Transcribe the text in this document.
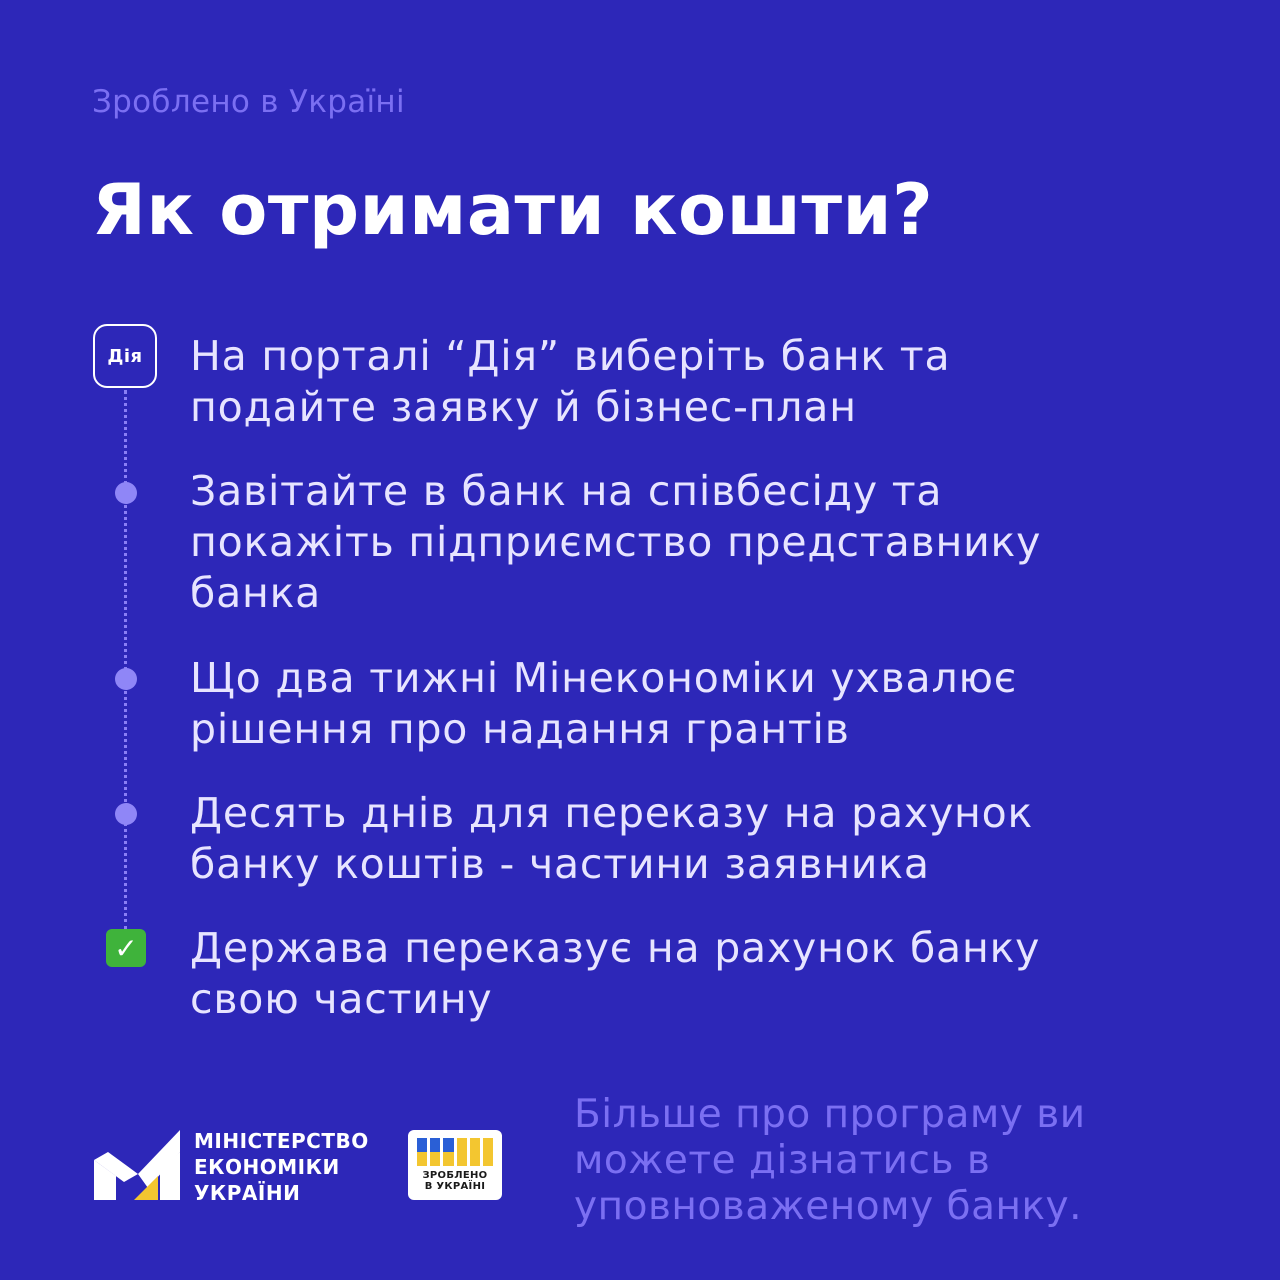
Зроблено в Україні
Як отримати кошти?
Дія
✓
На порталі “Дія” виберіть банк та подайте заявку й бізнес-план
Завітайте в банк на співбесіду та покажіть підприємство представнику банка
Що два тижні Мінекономіки ухвалює рішення про надання грантів
Десять днів для переказу на рахунок банку коштів - частини заявника
Держава переказує на рахунок банку свою частину
МІНІСТЕРСТВО
ЕКОНОМІКИ
УКРАЇНИ
ЗРОБЛЕНО
В УКРАЇНІ
Більше про програму ви можете дізнатись в уповноваженому банку.
